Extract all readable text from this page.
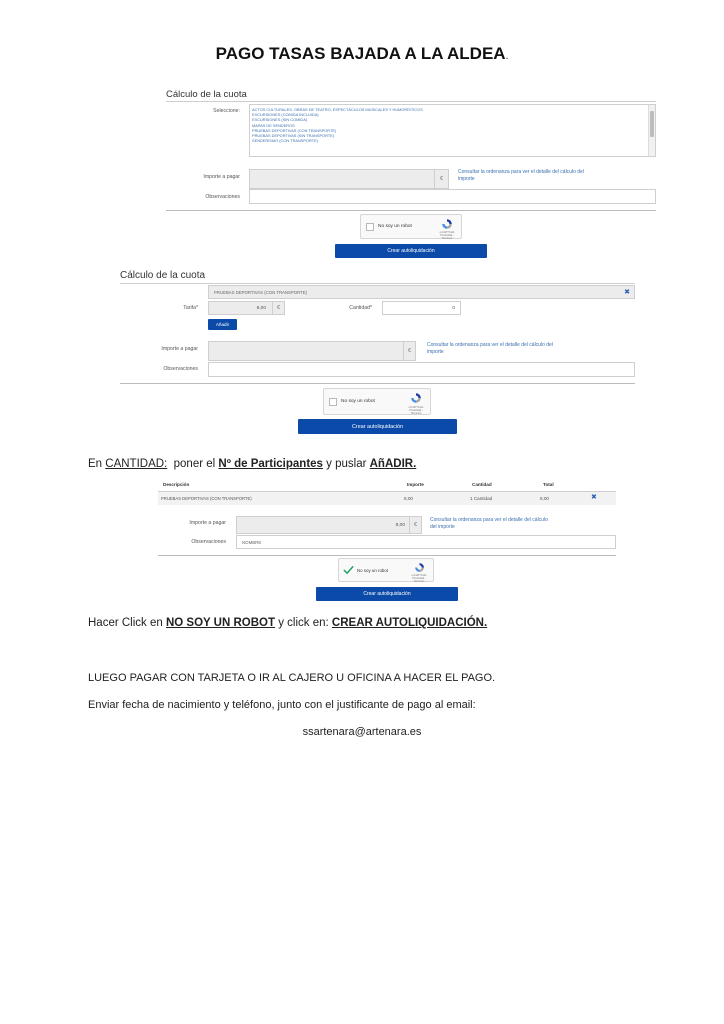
PAGO TASAS BAJADA A LA ALDEA.
Cálculo de la cuota
Seleccione:	ACTOS CULTURALES, OBRAS DE TEATRO, ESPECTÁCULOS MUSICALES Y HUMORÍSTICOS
EXCURSIONES (COMIDA INCLUIDA)
EXCURSIONES (SIN COMIDA)
MAPAS DE SENDEROS
PRUEBAS DEPORTIVAS (CON TRANSPORTE)
PRUEBAS DEPORTIVAS (SIN TRANSPORTE)
SENDERISMO (CON TRANSPORTE)
Importe a pagar	€
Consultar la ordenanza para ver el detalle del cálculo del importe
Observaciones
No soy un robot
reCAPTCHA Privacidad - Términos
Crear autoliquidación
Cálculo de la cuota
PRUEBAS DEPORTIVAS (CON TRANSPORTE)	✖
Tarifa*	8,00	€	Cantidad*	0
Añadir
Importe a pagar	€
Consultar la ordenanza para ver el detalle del cálculo del importe
Observaciones
No soy un robot
reCAPTCHA Privacidad - Términos
Crear autoliquidación
En CANTIDAD:  poner el Nº de Participantes y puslar AñADIR.
Descripción	Importe	Cantidad	Total
PRUEBAS DEPORTIVAS (CON TRANSPORTE)	8,00	1 Cantidad	8,00	✖
Importe a pagar	8,00	€
Consultar la ordenanza para ver el detalle del cálculo del importe
Observaciones	NOMBRE
No soy un robot
reCAPTCHA Privacidad - Términos
Crear autoliquidación
Hacer Click en NO SOY UN ROBOT y click en: CREAR AUTOLIQUIDACIÓN.
LUEGO PAGAR CON TARJETA O IR AL CAJERO U OFICINA A HACER EL PAGO.
Enviar fecha de nacimiento y teléfono, junto con el justificante de pago al email:
ssartenara@artenara.es
